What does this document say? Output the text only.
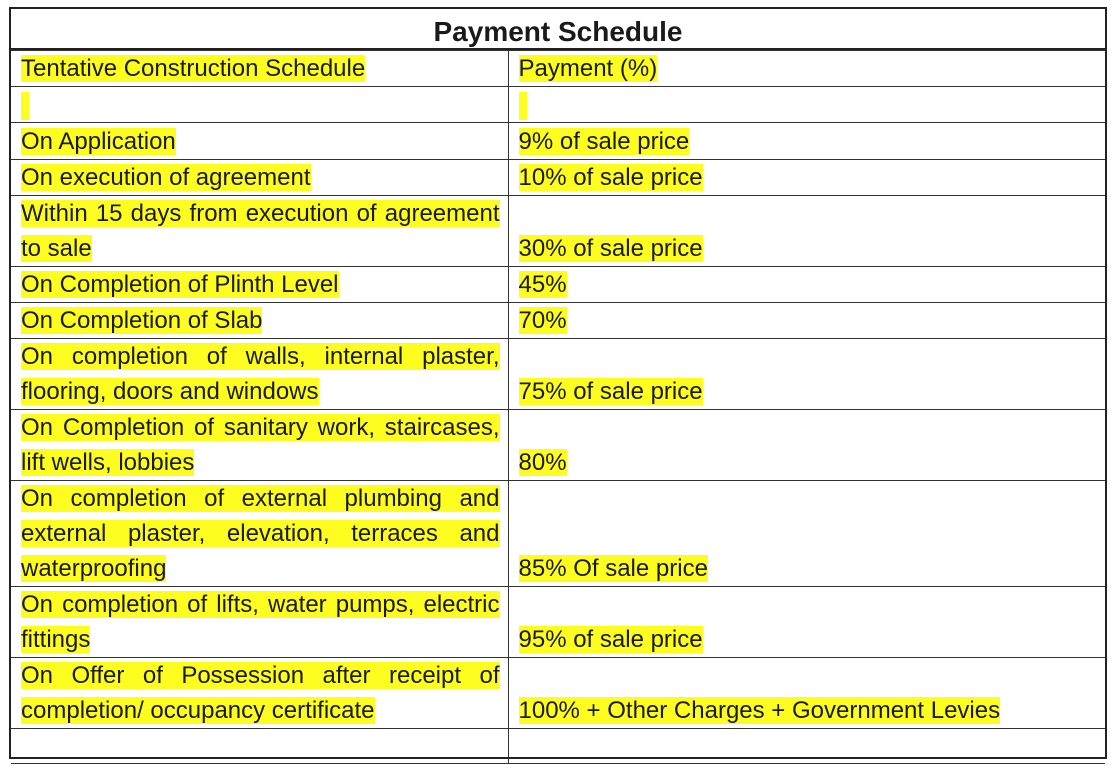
Payment Schedule
Tentative Construction Schedule	Payment (%)

On Application	9% of sale price
On execution of agreement	10% of sale price
Within 15 days from execution of agreement to sale	30% of sale price
On Completion of Plinth Level	45%
On Completion of Slab	70%
On completion of walls, internal plaster, flooring, doors and windows	75% of sale price
On Completion of sanitary work, staircases, lift wells, lobbies	80%
On completion of external plumbing and external plaster, elevation, terraces and waterproofing	85% Of sale price
On completion of lifts, water pumps, electric fittings	95% of sale price
On Offer of Possession after receipt of completion/ occupancy certificate	100% + Other Charges + Government Levies
